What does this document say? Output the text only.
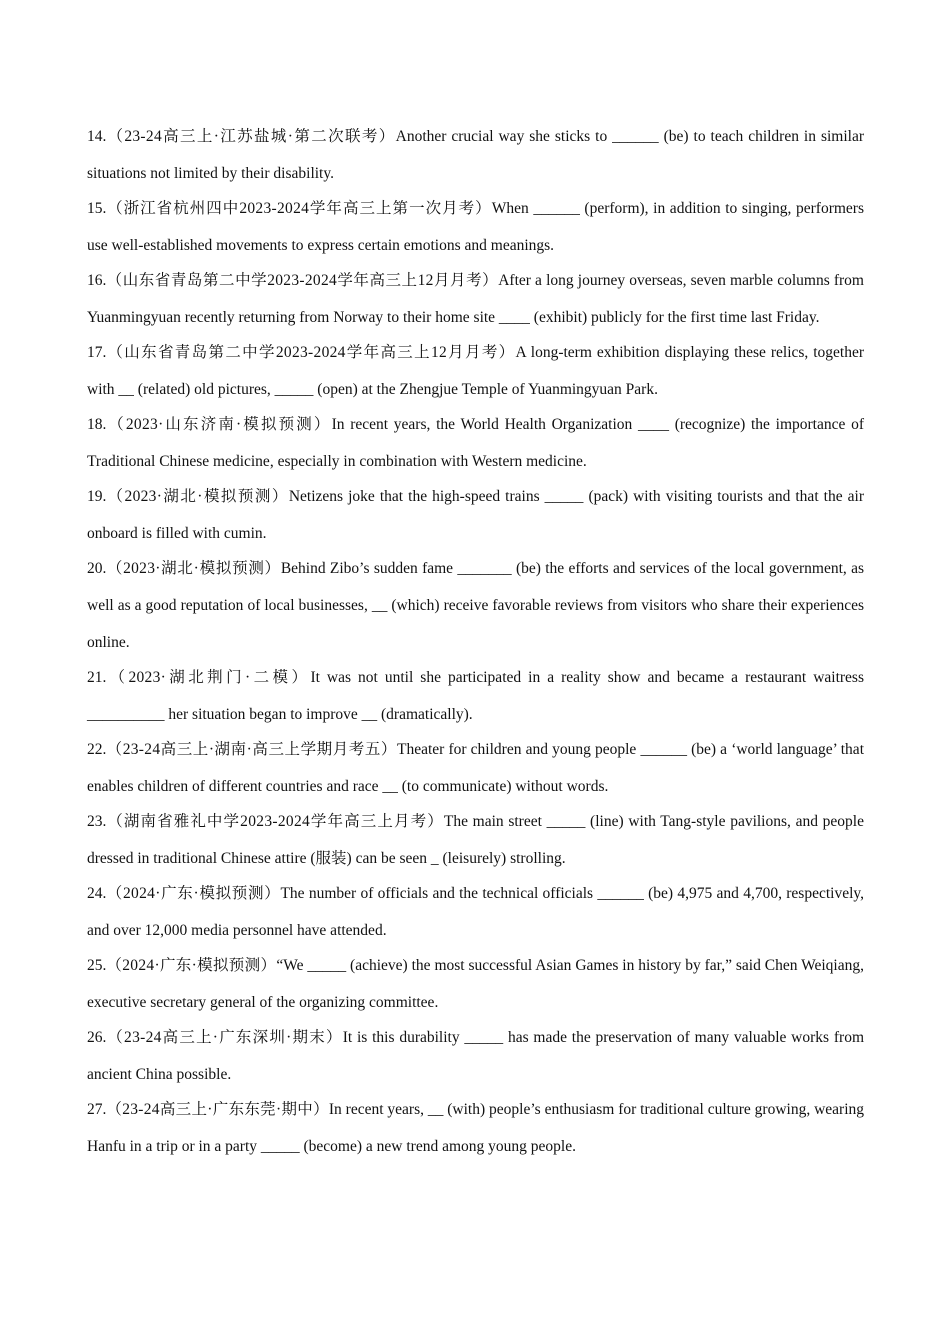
14.（23-24高三上·江苏盐城·第二次联考）Another crucial way she sticks to ______ (be) to teach children in similar situations not limited by their disability.

15.（浙江省杭州四中2023-2024学年高三上第一次月考）When ______ (perform), in addition to singing, performers use well-established movements to express certain emotions and meanings.

16.（山东省青岛第二中学2023-2024学年高三上12月月考）After a long journey overseas, seven marble columns from Yuanmingyuan recently returning from Norway to their home site ____ (exhibit) publicly for the first time last Friday.

17.（山东省青岛第二中学2023-2024学年高三上12月月考）A long-term exhibition displaying these relics, together with __ (related) old pictures, _____ (open) at the Zhengjue Temple of Yuanmingyuan Park.

18.（2023·山东济南·模拟预测）In recent years, the World Health Organization ____ (recognize) the importance of Traditional Chinese medicine, especially in combination with Western medicine.

19.（2023·湖北·模拟预测）Netizens joke that the high-speed trains _____ (pack) with visiting tourists and that the air onboard is filled with cumin.

20.（2023·湖北·模拟预测）Behind Zibo’s sudden fame _______ (be) the efforts and services of the local government, as well as a good reputation of local businesses, __ (which) receive favorable reviews from visitors who share their experiences online.

21.（2023·湖北荆门·二模）It was not until she participated in a reality show and became a restaurant waitress __________ her situation began to improve __ (dramatically).

22.（23-24高三上·湖南·高三上学期月考五）Theater for children and young people ______ (be) a ‘world language’ that enables children of different countries and race __ (to communicate) without words.

23.（湖南省雅礼中学2023-2024学年高三上月考）The main street _____ (line) with Tang-style pavilions, and people dressed in traditional Chinese attire (服装) can be seen _ (leisurely) strolling.

24.（2024·广东·模拟预测）The number of officials and the technical officials ______ (be) 4,975 and 4,700, respectively, and over 12,000 media personnel have attended.

25.（2024·广东·模拟预测）“We _____ (achieve) the most successful Asian Games in history by far,” said Chen Weiqiang, executive secretary general of the organizing committee.

26.（23-24高三上·广东深圳·期末）It is this durability _____ has made the preservation of many valuable works from ancient China possible.

27.（23-24高三上·广东东莞·期中）In recent years, __ (with) people’s enthusiasm for traditional culture growing, wearing Hanfu in a trip or in a party _____ (become) a new trend among young people.
